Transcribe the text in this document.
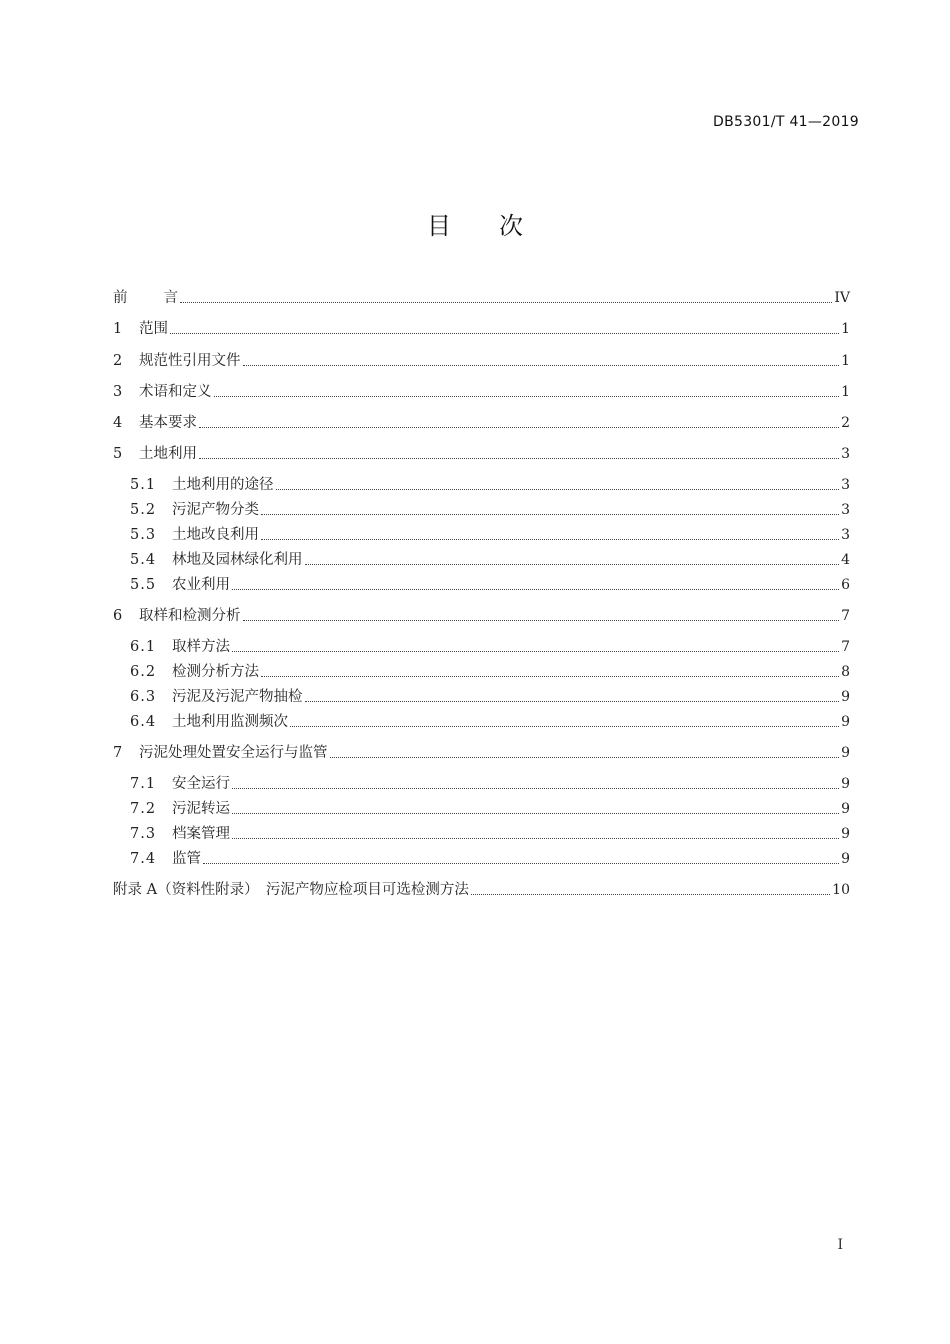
DB5301/T 41—2019
目 次
前 言	IV
1	范围	1
2	规范性引用文件	1
3	术语和定义	1
4	基本要求	2
5	土地利用	3
5.1	土地利用的途径	3
5.2	污泥产物分类	3
5.3	土地改良利用	3
5.4	林地及园林绿化利用	4
5.5	农业利用	6
6	取样和检测分析	7
6.1	取样方法	7
6.2	检测分析方法	8
6.3	污泥及污泥产物抽检	9
6.4	土地利用监测频次	9
7	污泥处理处置安全运行与监管	9
7.1	安全运行	9
7.2	污泥转运	9
7.3	档案管理	9
7.4	监管	9
附录 A（资料性附录）　污泥产物应检项目可选检测方法	10
I
